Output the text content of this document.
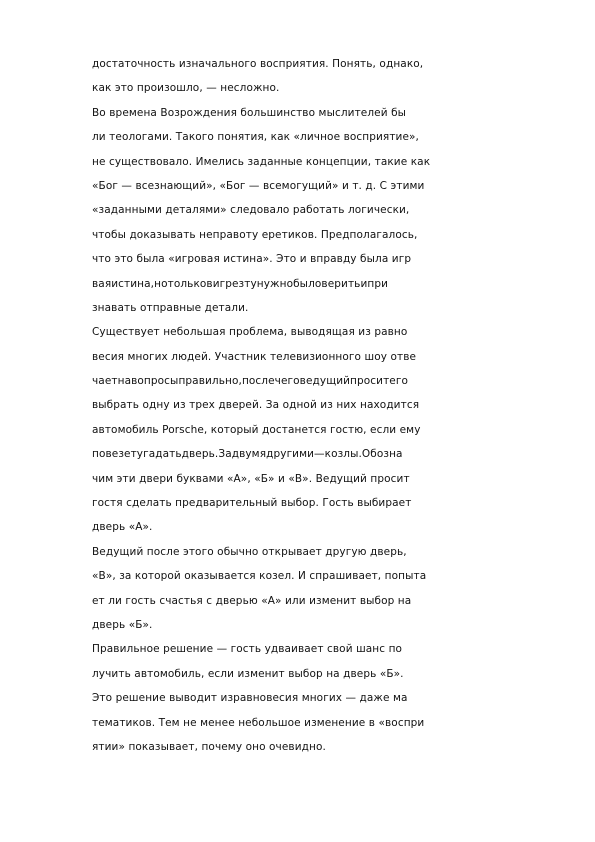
достаточность изначального восприятия. Понять, однако,
как это произошло, — несложно.
Во времена Возрождения большинство мыслителей бы
ли теологами. Такого понятия, как «личное восприятие»,
не существовало. Имелись заданные концепции, такие как
«Бог — всезнающий», «Бог — всемогущий» и т. д. С этими
«заданными деталями» следовало работать логически,
чтобы доказывать неправоту еретиков. Предполагалось,
что это была «игровая истина». Это и вправду была игр
ваяистина,нотольковигрезтунужнобыловеритьипри
знавать отправные детали.
Существует небольшая проблема, выводящая из равно
весия многих людей. Участник телевизионного шоу отве
чаетнавопросыправильно,послечеговедущийпроситего
выбрать одну из трех дверей. За одной из них находится
автомобиль Porsche, который достанется гостю, если ему
повезетугадатьдверь.Задвумядругими—козлы.Обозна
чим эти двери буквами «А», «Б» и «В». Ведущий просит
гостя сделать предварительный выбор. Гость выбирает
дверь «А».
Ведущий после этого обычно открывает другую дверь,
«В», за которой оказывается козел. И спрашивает, попыта
ет ли гость счастья с дверью «А» или изменит выбор на
дверь «Б».
Правильное решение — гость удваивает свой шанс по
лучить автомобиль, если изменит выбор на дверь «Б».
Это решение выводит изравновесия многих — даже ма
тематиков. Тем не менее небольшое изменение в «воспри
ятии» показывает, почему оно очевидно.
